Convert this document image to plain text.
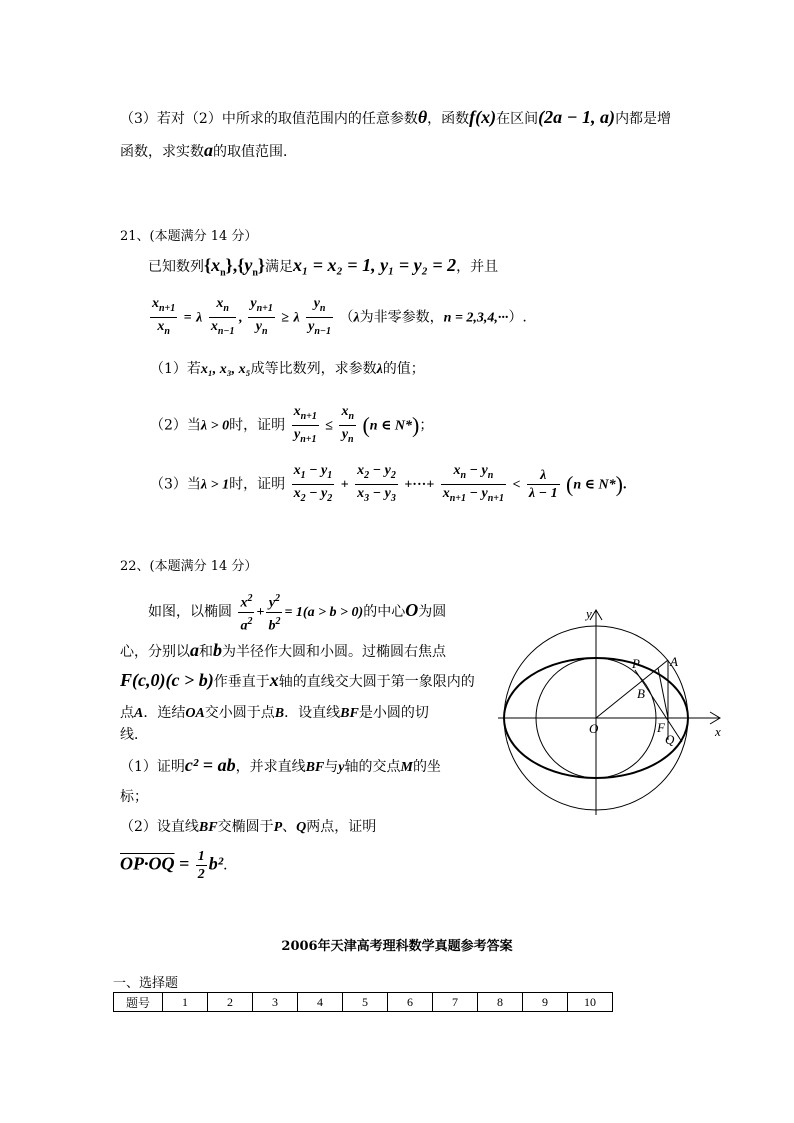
（3）若对（2）中所求的取值范围内的任意参数θ，函数f(x)在区间(2a − 1, a)内都是增
函数，求实数a的取值范围．
21、(本题满分 14 分）
已知数列$\{x_n\},\{y_n\}$满足x₁ = x₂ = 1, y₁ = y₂ = 2，并且
$\frac{x_{n+1}}{x_n} = \lambda \frac{x_n}{x_{n-1}}$ , $\frac{y_{n+1}}{y_n} \ge \lambda \frac{y_n}{y_{n-1}} (\lambda$为非零参数，n = 2,3,4,···）.
（1）若x₁, x₃, x₅成等比数列，求参数λ的值；
（2）当λ > 0时，证明 $\frac{x_{n+1}}{y_{n+1}} \le \frac{x_n}{y_n} (n$ ∈ N*)；
（3）当λ > 1时，证明 $\frac{x_1 - y_1}{x_2 - y_2} + \frac{x_2 - y_2}{x_3 - y_3}$ +···+ $\frac{x_n - y_n}{x_{n+1} - y_{n+1}} < \frac{\lambda}{\lambda - 1} (n$ ∈ N*).
22、(本题满分 14 分）
如图，以椭圆 $\frac{x^2}{a^2} + \frac{y^2}{b^2} = 1(a > b > 0)$的中心O为圆
心，分别以a和b为半径作大圆和小圆。过椭圆右焦点
F(c,0)(c > b)作垂直于x轴的直线交大圆于第一象限内的
点A．连结OA交小圆于点B．设直线BF是小圆的切
线．
（1）证明c² = ab，并求直线BF与y轴的交点M的坐
标；
（2）设直线BF交椭圆于P、Q两点，证明
$OP\cdot OQ = \frac{1}{2} b^2$．
y
x
O
P A
B
F
Q
2006年天津高考理科数学真题参考答案
一、选择题
题号	1	2	3	4	5	6	7	8	9	10
